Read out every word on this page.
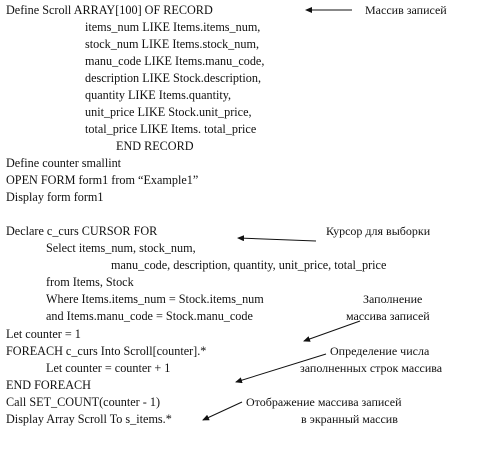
Define Scroll ARRAY[100] OF RECORD
items_num LIKE Items.items_num,
stock_num LIKE Items.stock_num,
manu_code LIKE Items.manu_code,
description LIKE Stock.description,
quantity LIKE Items.quantity,
unit_price LIKE Stock.unit_price,
total_price LIKE Items. total_price
END RECORD
Define counter smallint
OPEN FORM form1 from “Example1”
Display form form1
Declare c_curs CURSOR FOR
Select items_num, stock_num,
manu_code, description, quantity, unit_price, total_price
from Items, Stock
Where Items.items_num = Stock.items_num
and Items.manu_code = Stock.manu_code
Let counter = 1
FOREACH c_curs Into Scroll[counter].*
Let counter = counter + 1
END FOREACH
Call SET_COUNT(counter - 1)
Display Array Scroll To s_items.*
Массив записей
Курсор для выборки
Заполнение
массива записей
Определение числа
заполненных строк массива
Отображение массива записей
в экранный массив
